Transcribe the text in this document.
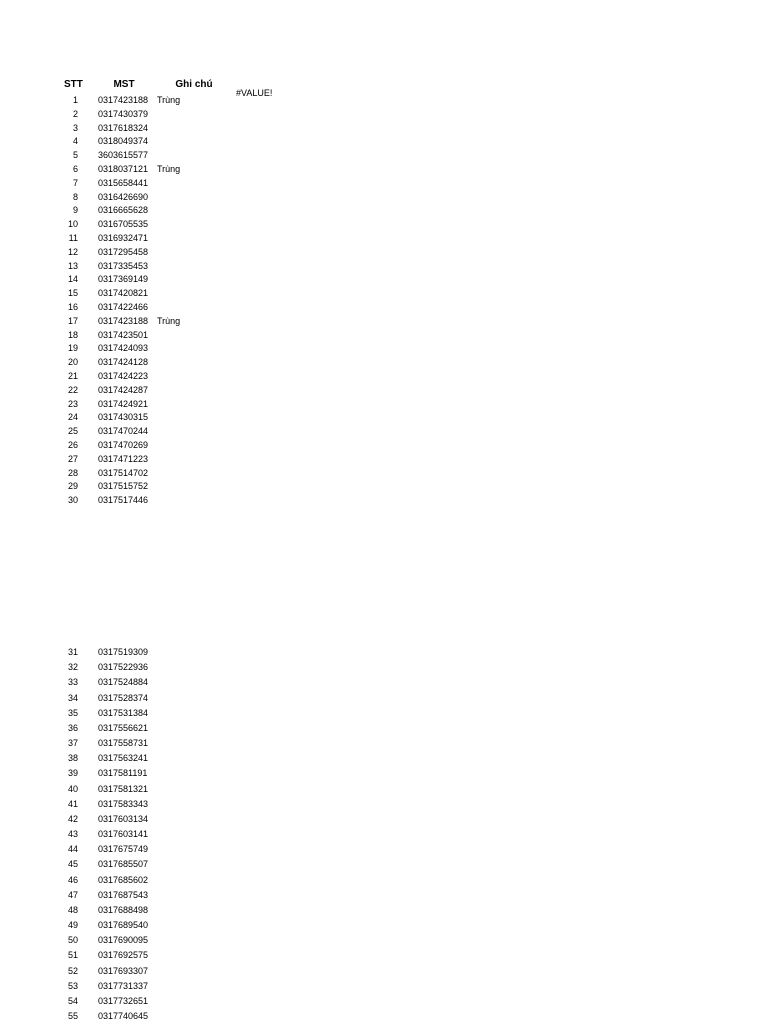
STT	MST	Ghi chú
#VALUE!
1 0317423188 Trùng
2 0317430379
3 0317618324
4 0318049374
5 3603615577
6 0318037121 Trùng
7 0315658441
8 0316426690
9 0316665628
10 0316705535
11 0316932471
12 0317295458
13 0317335453
14 0317369149
15 0317420821
16 0317422466
17 0317423188 Trùng
18 0317423501
19 0317424093
20 0317424128
21 0317424223
22 0317424287
23 0317424921
24 0317430315
25 0317470244
26 0317470269
27 0317471223
28 0317514702
29 0317515752
30 0317517446
31 0317519309
32 0317522936
33 0317524884
34 0317528374
35 0317531384
36 0317556621
37 0317558731
38 0317563241
39 0317581191
40 0317581321
41 0317583343
42 0317603134
43 0317603141
44 0317675749
45 0317685507
46 0317685602
47 0317687543
48 0317688498
49 0317689540
50 0317690095
51 0317692575
52 0317693307
53 0317731337
54 0317732651
55 0317740645
